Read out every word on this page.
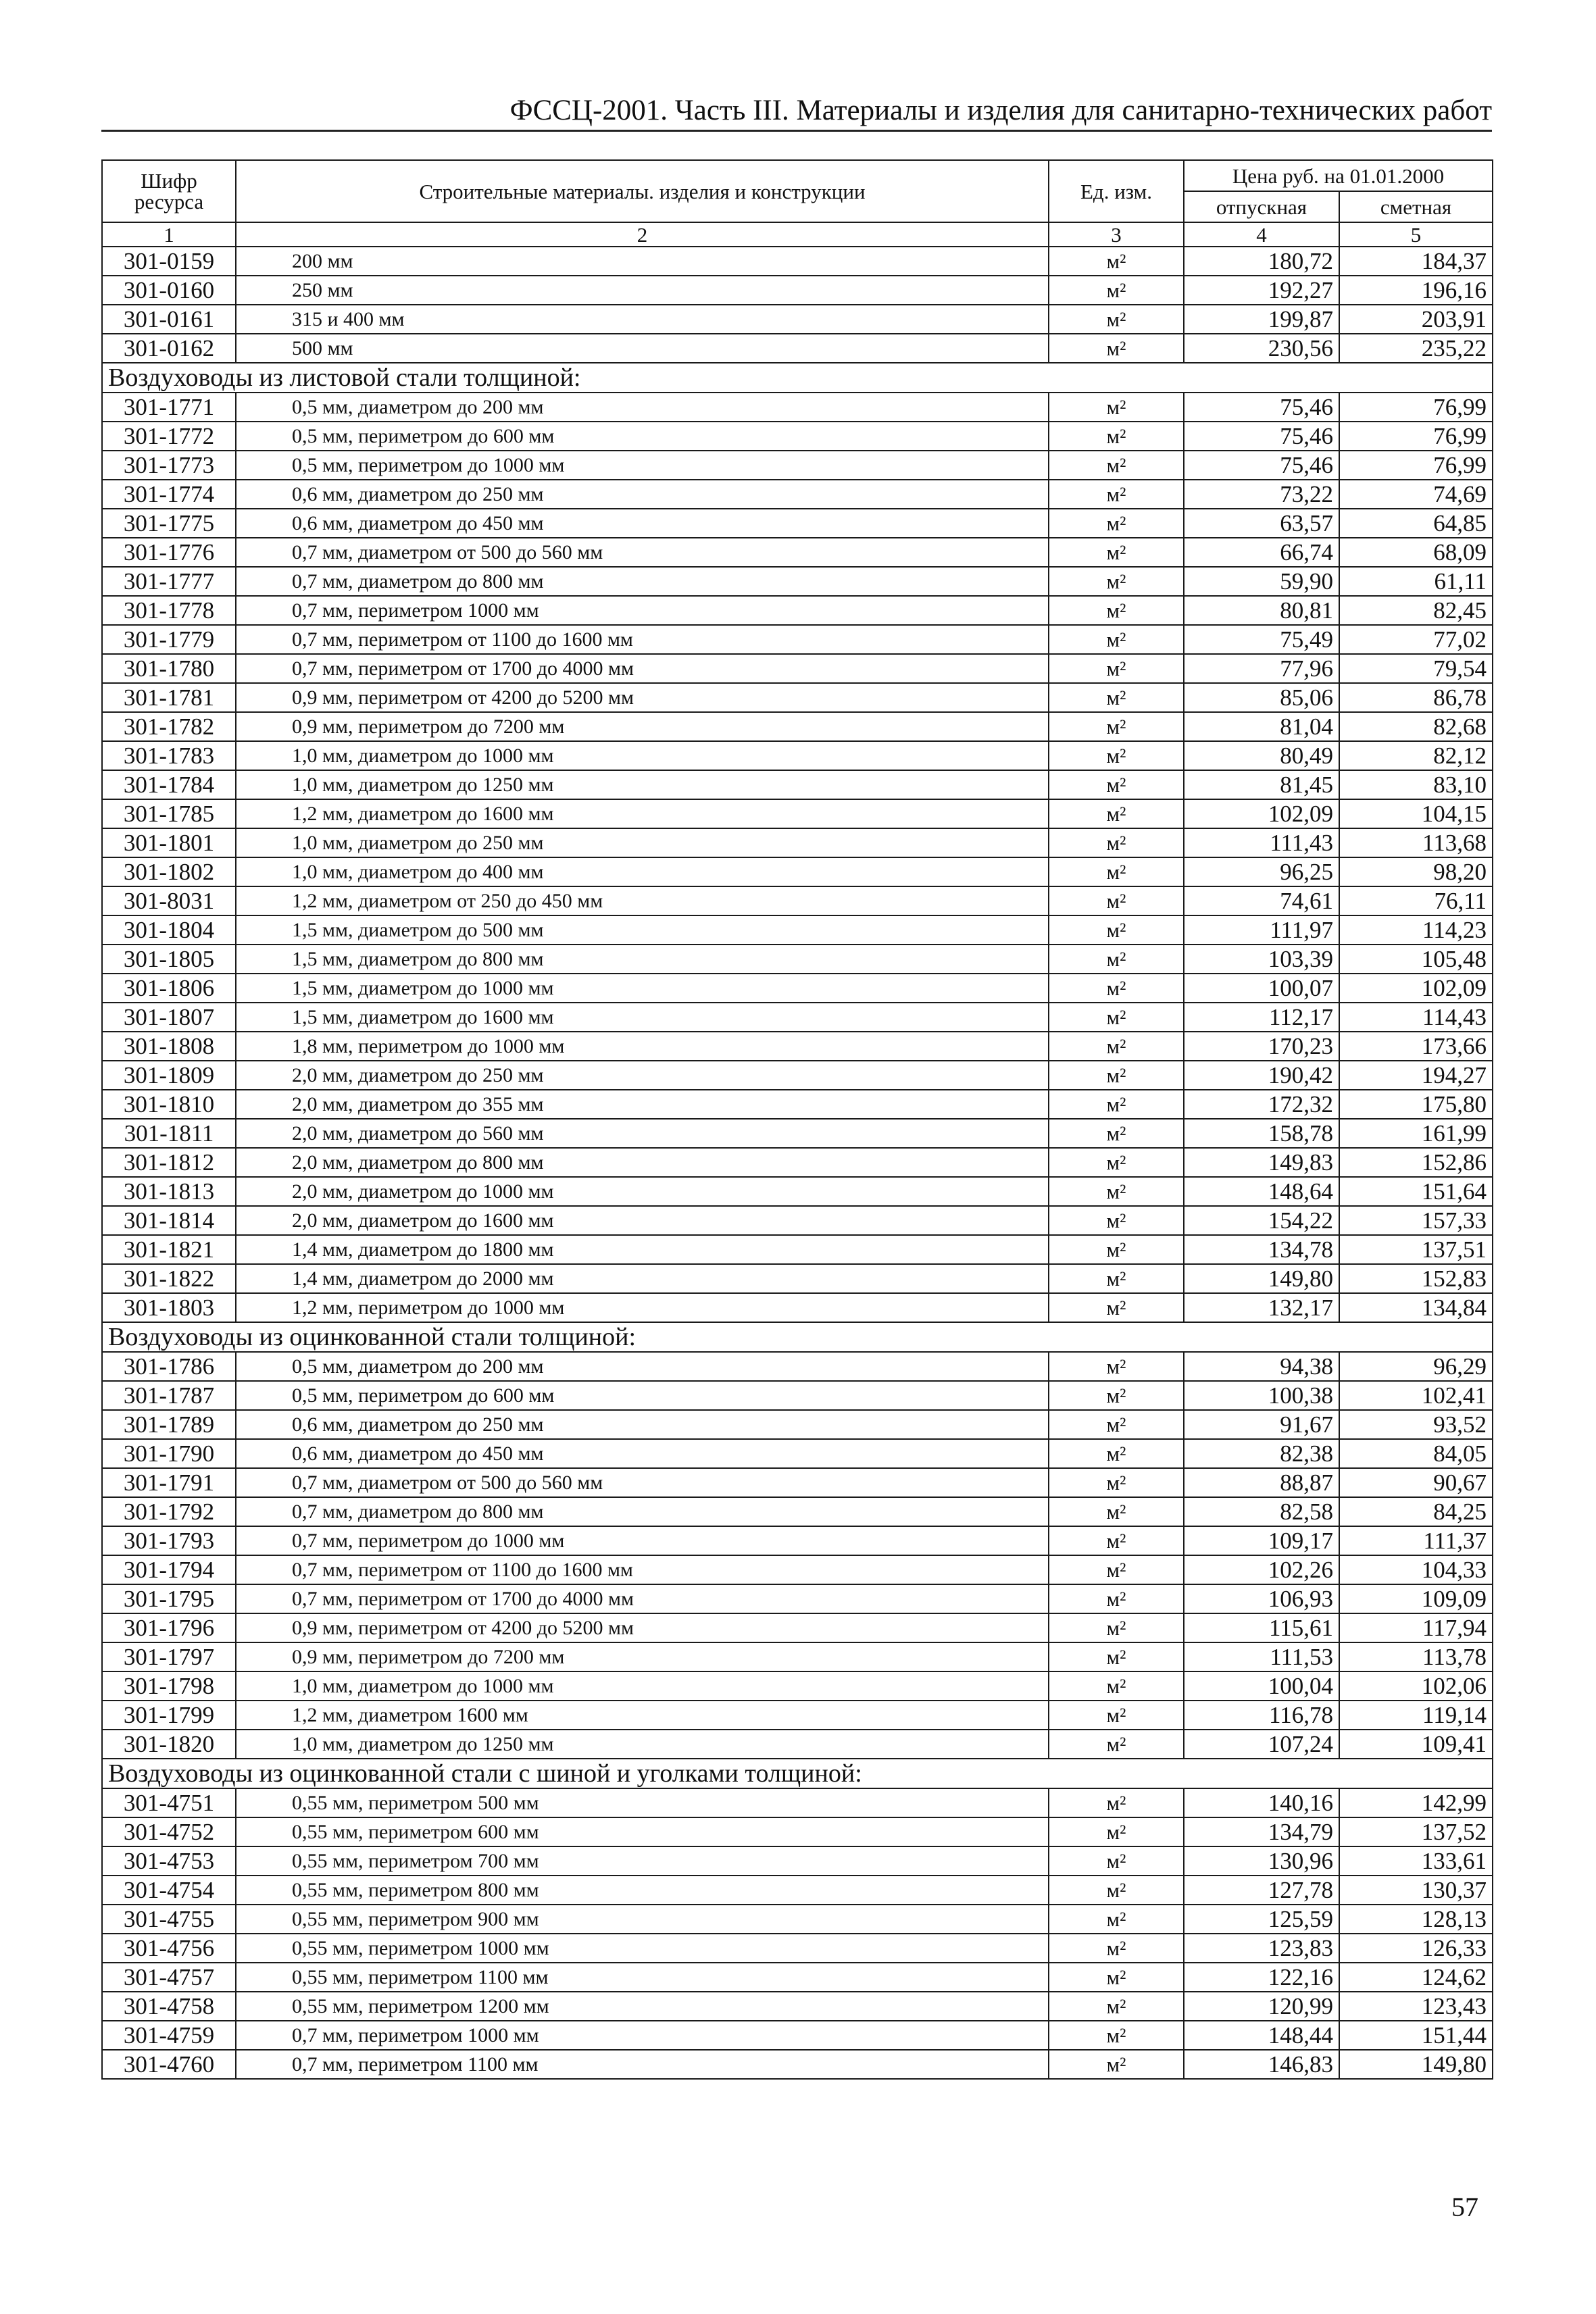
ФССЦ-2001. Часть III. Материалы и изделия для санитарно-технических работ
Шифр ресурса	Строительные материалы. изделия и конструкции	Ед. изм.	Цена руб. на 01.01.2000	
			отпускная	сметная
1	2	3	4	5
301-0159	200 мм	м²	180,72	184,37
301-0160	250 мм	м²	192,27	196,16
301-0161	315 и 400 мм	м²	199,87	203,91
301-0162	500 мм	м²	230,56	235,22
Воздуховоды из листовой стали толщиной:				
301-1771	0,5 мм, диаметром до 200 мм	м²	75,46	76,99
301-1772	0,5 мм, периметром до 600 мм	м²	75,46	76,99
301-1773	0,5 мм, периметром до 1000 мм	м²	75,46	76,99
301-1774	0,6 мм, диаметром до 250 мм	м²	73,22	74,69
301-1775	0,6 мм, диаметром до 450 мм	м²	63,57	64,85
301-1776	0,7 мм, диаметром от 500 до 560 мм	м²	66,74	68,09
301-1777	0,7 мм, диаметром до 800 мм	м²	59,90	61,11
301-1778	0,7 мм, периметром 1000 мм	м²	80,81	82,45
301-1779	0,7 мм, периметром от 1100 до 1600 мм	м²	75,49	77,02
301-1780	0,7 мм, периметром от 1700 до 4000 мм	м²	77,96	79,54
301-1781	0,9 мм, периметром от 4200 до 5200 мм	м²	85,06	86,78
301-1782	0,9 мм, периметром до 7200 мм	м²	81,04	82,68
301-1783	1,0 мм, диаметром до 1000 мм	м²	80,49	82,12
301-1784	1,0 мм, диаметром до 1250 мм	м²	81,45	83,10
301-1785	1,2 мм, диаметром до 1600 мм	м²	102,09	104,15
301-1801	1,0 мм, диаметром до 250 мм	м²	111,43	113,68
301-1802	1,0 мм, диаметром до 400 мм	м²	96,25	98,20
301-8031	1,2 мм, диаметром от 250 до 450 мм	м²	74,61	76,11
301-1804	1,5 мм, диаметром до 500 мм	м²	111,97	114,23
301-1805	1,5 мм, диаметром до 800 мм	м²	103,39	105,48
301-1806	1,5 мм, диаметром до 1000 мм	м²	100,07	102,09
301-1807	1,5 мм, диаметром до 1600 мм	м²	112,17	114,43
301-1808	1,8 мм, периметром до 1000 мм	м²	170,23	173,66
301-1809	2,0 мм, диаметром до 250 мм	м²	190,42	194,27
301-1810	2,0 мм, диаметром до 355 мм	м²	172,32	175,80
301-1811	2,0 мм, диаметром до 560 мм	м²	158,78	161,99
301-1812	2,0 мм, диаметром до 800 мм	м²	149,83	152,86
301-1813	2,0 мм, диаметром до 1000 мм	м²	148,64	151,64
301-1814	2,0 мм, диаметром до 1600 мм	м²	154,22	157,33
301-1821	1,4 мм, диаметром до 1800 мм	м²	134,78	137,51
301-1822	1,4 мм, диаметром до 2000 мм	м²	149,80	152,83
301-1803	1,2 мм, периметром до 1000 мм	м²	132,17	134,84
Воздуховоды из оцинкованной стали толщиной:				
301-1786	0,5 мм, диаметром до 200 мм	м²	94,38	96,29
301-1787	0,5 мм, периметром до 600 мм	м²	100,38	102,41
301-1789	0,6 мм, диаметром до 250 мм	м²	91,67	93,52
301-1790	0,6 мм, диаметром до 450 мм	м²	82,38	84,05
301-1791	0,7 мм, диаметром от 500 до 560 мм	м²	88,87	90,67
301-1792	0,7 мм, диаметром до 800 мм	м²	82,58	84,25
301-1793	0,7 мм, периметром до 1000 мм	м²	109,17	111,37
301-1794	0,7 мм, периметром от 1100 до 1600 мм	м²	102,26	104,33
301-1795	0,7 мм, периметром от 1700 до 4000 мм	м²	106,93	109,09
301-1796	0,9 мм, периметром от 4200 до 5200 мм	м²	115,61	117,94
301-1797	0,9 мм, периметром до 7200 мм	м²	111,53	113,78
301-1798	1,0 мм, диаметром до 1000 мм	м²	100,04	102,06
301-1799	1,2 мм, диаметром 1600 мм	м²	116,78	119,14
301-1820	1,0 мм, диаметром до 1250 мм	м²	107,24	109,41
Воздуховоды из оцинкованной стали с шиной и уголками толщиной:				
301-4751	0,55 мм, периметром 500 мм	м²	140,16	142,99
301-4752	0,55 мм, периметром 600 мм	м²	134,79	137,52
301-4753	0,55 мм, периметром 700 мм	м²	130,96	133,61
301-4754	0,55 мм, периметром 800 мм	м²	127,78	130,37
301-4755	0,55 мм, периметром 900 мм	м²	125,59	128,13
301-4756	0,55 мм, периметром 1000 мм	м²	123,83	126,33
301-4757	0,55 мм, периметром 1100 мм	м²	122,16	124,62
301-4758	0,55 мм, периметром 1200 мм	м²	120,99	123,43
301-4759	0,7 мм, периметром 1000 мм	м²	148,44	151,44
301-4760	0,7 мм, периметром 1100 мм	м²	146,83	149,80
57
